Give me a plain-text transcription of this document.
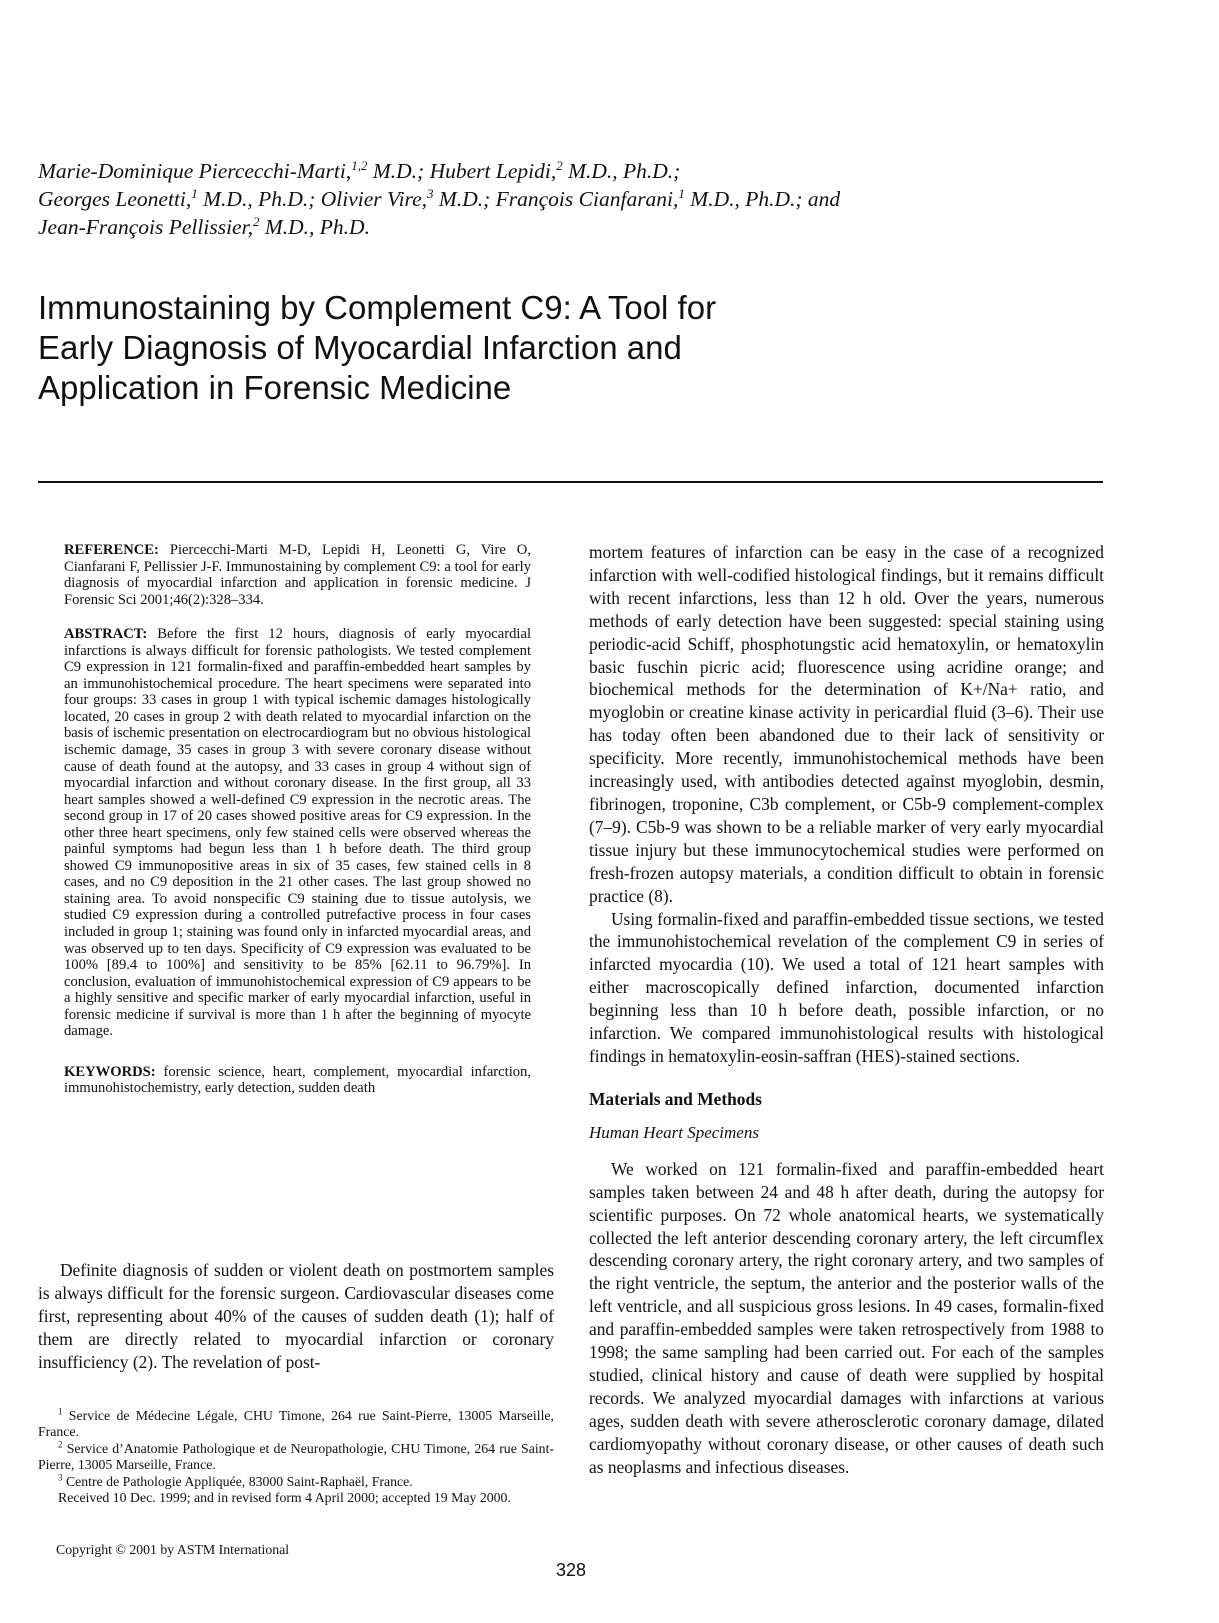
Marie-Dominique Piercecchi-Marti,$^{1,2}$ M.D.; Hubert Lepidi,$^2$ M.D., Ph.D.;
Georges Leonetti,$^1$ M.D., Ph.D.; Olivier Vire,$^3$ M.D.; François Cianfarani,$^1$ M.D., Ph.D.; and
Jean-François Pellissier,$^2$ M.D., Ph.D.
Immunostaining by Complement C9: A Tool for
Early Diagnosis of Myocardial Infarction and
Application in Forensic Medicine

REFERENCE: Piercecchi-Marti M-D, Lepidi H, Leonetti G, Vire O, Cianfarani F, Pellissier J-F. Immunostaining by complement C9: a tool for early diagnosis of myocardial infarction and application in forensic medicine. J Forensic Sci 2001;46(2):328–334.

ABSTRACT: Before the first 12 hours, diagnosis of early myocardial infarctions is always difficult for forensic pathologists. We tested complement C9 expression in 121 formalin-fixed and paraffin-embedded heart samples by an immunohistochemical procedure. The heart specimens were separated into four groups: 33 cases in group 1 with typical ischemic damages histologically located, 20 cases in group 2 with death related to myocardial infarction on the basis of ischemic presentation on electrocardiogram but no obvious histological ischemic damage, 35 cases in group 3 with severe coronary disease without cause of death found at the autopsy, and 33 cases in group 4 without sign of myocardial infarction and without coronary disease. In the first group, all 33 heart samples showed a well-defined C9 expression in the necrotic areas. The second group in 17 of 20 cases showed positive areas for C9 expression. In the other three heart specimens, only few stained cells were observed whereas the painful symptoms had begun less than 1 h before death. The third group showed C9 immunopositive areas in six of 35 cases, few stained cells in 8 cases, and no C9 deposition in the 21 other cases. The last group showed no staining area. To avoid nonspecific C9 staining due to tissue autolysis, we studied C9 expression during a controlled putrefactive process in four cases included in group 1; staining was found only in infarcted myocardial areas, and was observed up to ten days. Specificity of C9 expression was evaluated to be 100% [89.4 to 100%] and sensitivity to be 85% [62.11 to 96.79%]. In conclusion, evaluation of immunohistochemical expression of C9 appears to be a highly sensitive and specific marker of early myocardial infarction, useful in forensic medicine if survival is more than 1 h after the beginning of myocyte damage.

KEYWORDS: forensic science, heart, complement, myocardial infarction, immunohistochemistry, early detection, sudden death

Definite diagnosis of sudden or violent death on postmortem samples is always difficult for the forensic surgeon. Cardiovascular diseases come first, representing about 40% of the causes of sudden death (1); half of them are directly related to myocardial infarction or coronary insufficiency (2). The revelation of post-

$^1$ Service de Médecine Légale, CHU Timone, 264 rue Saint-Pierre, 13005 Marseille, France.

$^2$ Service d’Anatomie Pathologique et de Neuropathologie, CHU Timone, 264 rue Saint-Pierre, 13005 Marseille, France.

$^3$ Centre de Pathologie Appliquée, 83000 Saint-Raphaël, France.

Received 10 Dec. 1999; and in revised form 4 April 2000; accepted 19 May 2000.

Copyright © 2001 by ASTM International
328

mortem features of infarction can be easy in the case of a recognized infarction with well-codified histological findings, but it remains difficult with recent infarctions, less than 12 h old. Over the years, numerous methods of early detection have been suggested: special staining using periodic-acid Schiff, phosphotungstic acid hematoxylin, or hematoxylin basic fuschin picric acid; fluorescence using acridine orange; and biochemical methods for the determination of K+/Na+ ratio, and myoglobin or creatine kinase activity in pericardial fluid (3–6). Their use has today often been abandoned due to their lack of sensitivity or specificity. More recently, immunohistochemical methods have been increasingly used, with antibodies detected against myoglobin, desmin, fibrinogen, troponine, C3b complement, or C5b-9 complement-complex (7–9). C5b-9 was shown to be a reliable marker of very early myocardial tissue injury but these immunocytochemical studies were performed on fresh-frozen autopsy materials, a condition difficult to obtain in forensic practice (8).

Using formalin-fixed and paraffin-embedded tissue sections, we tested the immunohistochemical revelation of the complement C9 in series of infarcted myocardia (10). We used a total of 121 heart samples with either macroscopically defined infarction, documented infarction beginning less than 10 h before death, possible infarction, or no infarction. We compared immunohistological results with histological findings in hematoxylin-eosin-saffran (HES)-stained sections.

Materials and Methods
Human Heart Specimens

We worked on 121 formalin-fixed and paraffin-embedded heart samples taken between 24 and 48 h after death, during the autopsy for scientific purposes. On 72 whole anatomical hearts, we systematically collected the left anterior descending coronary artery, the left circumflex descending coronary artery, the right coronary artery, and two samples of the right ventricle, the septum, the anterior and the posterior walls of the left ventricle, and all suspicious gross lesions. In 49 cases, formalin-fixed and paraffin-embedded samples were taken retrospectively from 1988 to 1998; the same sampling had been carried out. For each of the samples studied, clinical history and cause of death were supplied by hospital records. We analyzed myocardial damages with infarctions at various ages, sudden death with severe atherosclerotic coronary damage, dilated cardiomyopathy without coronary disease, or other causes of death such as neoplasms and infectious diseases.
